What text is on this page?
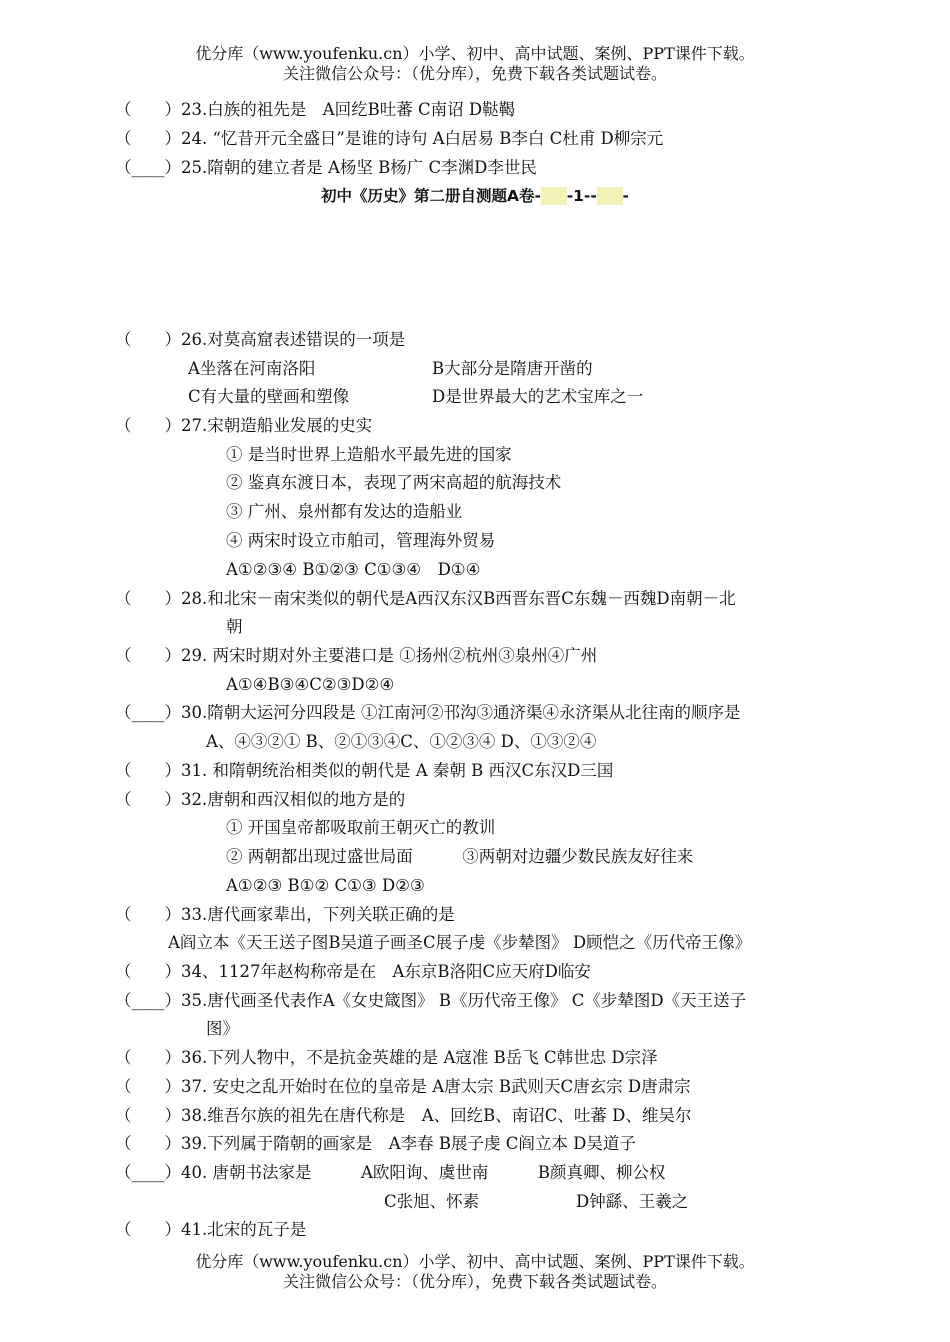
优分库（www.youfenku.cn）小学、初中、高中试题、案例、PPT课件下载。
关注微信公众号：（优分库），免费下载各类试题试卷。
初中《历史》第二册自测题A卷------1-------
（　　）23.白族的祖先是　A回纥B吐蕃 C南诏 D鞑鞨
（　　）24. “忆昔开元全盛日”是谁的诗句 A白居易 B李白 C杜甫 D柳宗元
（____）25.隋朝的建立者是 A杨坚 B杨广 C李渊D李世民
（　　）26.对莫高窟表述错误的一项是
A坐落在河南洛阳	B大部分是隋唐开凿的
C有大量的壁画和塑像	D是世界最大的艺术宝库之一
（　　）27.宋朝造船业发展的史实
① 是当时世界上造船水平最先进的国家
② 鉴真东渡日本，表现了两宋高超的航海技术
③ 广州、泉州都有发达的造船业
④ 两宋时设立市舶司，管理海外贸易
A①②③④ B①②③ C①③④　D①④
（　　）28.和北宋－南宋类似的朝代是A西汉东汉B西晋东晋C东魏－西魏D南朝－北
朝
（　　）29. 两宋时期对外主要港口是 ①扬州②杭州③泉州④广州
A①④B③④C②③D②④
（____）30.隋朝大运河分四段是 ①江南河②邗沟③通济渠④永济渠从北往南的顺序是
A、④③②① B、②①③④C、①②③④ D、①③②④
（　　）31. 和隋朝统治相类似的朝代是 A 秦朝 B 西汉C东汉D三国
（　　）32.唐朝和西汉相似的地方是的
① 开国皇帝都吸取前王朝灭亡的教训
② 两朝都出现过盛世局面　　　③两朝对边疆少数民族友好往来
A①②③ B①② C①③ D②③
（　　）33.唐代画家辈出，下列关联正确的是
A阎立本《天王送子图B吴道子画圣C展子虔《步辇图》 D顾恺之《历代帝王像》
（　　）34、1127年赵构称帝是在　A东京B洛阳C应天府D临安
（____）35.唐代画圣代表作A《女史箴图》 B《历代帝王像》 C《步辇图D《天王送子
图》
（　　）36.下列人物中，不是抗金英雄的是 A寇准 B岳飞 C韩世忠 D宗泽
（　　）37. 安史之乱开始时在位的皇帝是 A唐太宗 B武则天C唐玄宗 D唐肃宗
（　　）38.维吾尔族的祖先在唐代称是　A、回纥B、南诏C、吐蕃 D、维吴尔
（　　）39.下列属于隋朝的画家是　A李春 B展子虔 C阎立本 D吴道子
（____）40. 唐朝书法家是　　　A欧阳询、虞世南　　　B颜真卿、柳公权
C张旭、怀素	D钟繇、王羲之
（　　）41.北宋的瓦子是
优分库（www.youfenku.cn）小学、初中、高中试题、案例、PPT课件下载。
关注微信公众号：（优分库），免费下载各类试题试卷。
